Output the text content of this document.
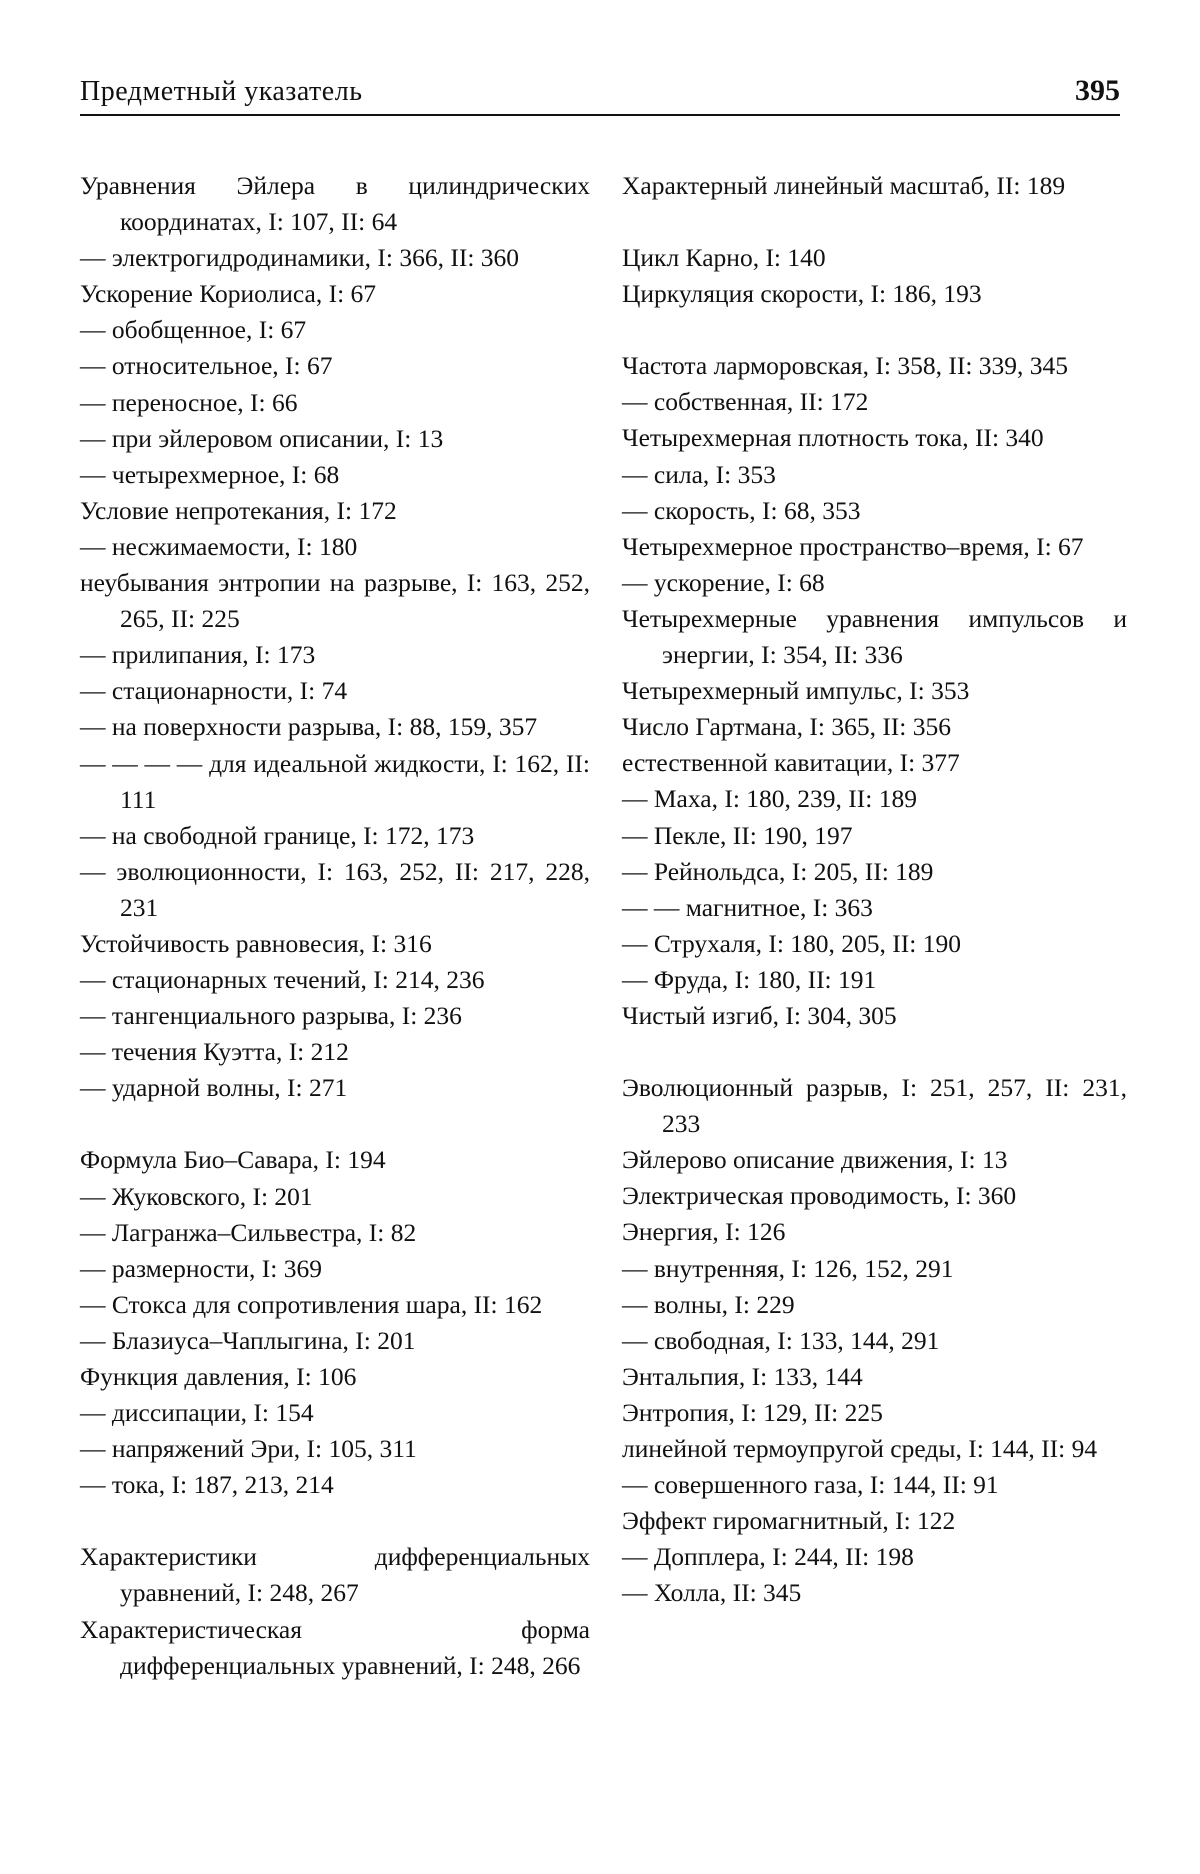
Предметный указатель	395
Уравнения Эйлера в цилиндрических координатах, I: 107, II: 64
— электрогидродинамики, I: 366, II: 360
Ускорение Кориолиса, I: 67
— обобщенное, I: 67
— относительное, I: 67
— переносное, I: 66
— при эйлеровом описании, I: 13
— четырехмерное, I: 68
Условие непротекания, I: 172
— несжимаемости, I: 180
неубывания энтропии на разрыве, I: 163, 252, 265, II: 225
— прилипания, I: 173
— стационарности, I: 74
— на поверхности разрыва, I: 88, 159, 357
— — — — для идеальной жидкости, I: 162, II: 111
— на свободной границе, I: 172, 173
— эволюционности, I: 163, 252, II: 217, 228, 231
Устойчивость равновесия, I: 316
— стационарных течений, I: 214, 236
— тангенциального разрыва, I: 236
— течения Куэтта, I: 212
— ударной волны, I: 271
Формула Био–Савара, I: 194
— Жуковского, I: 201
— Лагранжа–Сильвестра, I: 82
— размерности, I: 369
— Стокса для сопротивления шара, II: 162
— Блазиуса–Чаплыгина, I: 201
Функция давления, I: 106
— диссипации, I: 154
— напряжений Эри, I: 105, 311
— тока, I: 187, 213, 214
Характеристики дифференциальных уравнений, I: 248, 267
Характеристическая форма дифференциальных уравнений, I: 248, 266
Характерный линейный масштаб, II: 189
Цикл Карно, I: 140
Циркуляция скорости, I: 186, 193
Частота ларморовская, I: 358, II: 339, 345
— собственная, II: 172
Четырехмерная плотность тока, II: 340
— сила, I: 353
— скорость, I: 68, 353
Четырехмерное пространство–время, I: 67
— ускорение, I: 68
Четырехмерные уравнения импульсов и энергии, I: 354, II: 336
Четырехмерный импульс, I: 353
Число Гартмана, I: 365, II: 356
естественной кавитации, I: 377
— Маха, I: 180, 239, II: 189
— Пекле, II: 190, 197
— Рейнольдса, I: 205, II: 189
— — магнитное, I: 363
— Струхаля, I: 180, 205, II: 190
— Фруда, I: 180, II: 191
Чистый изгиб, I: 304, 305
Эволюционный разрыв, I: 251, 257, II: 231, 233
Эйлерово описание движения, I: 13
Электрическая проводимость, I: 360
Энергия, I: 126
— внутренняя, I: 126, 152, 291
— волны, I: 229
— свободная, I: 133, 144, 291
Энтальпия, I: 133, 144
Энтропия, I: 129, II: 225
линейной термоупругой среды, I: 144, II: 94
— совершенного газа, I: 144, II: 91
Эффект гиромагнитный, I: 122
— Допплера, I: 244, II: 198
— Холла, II: 345
